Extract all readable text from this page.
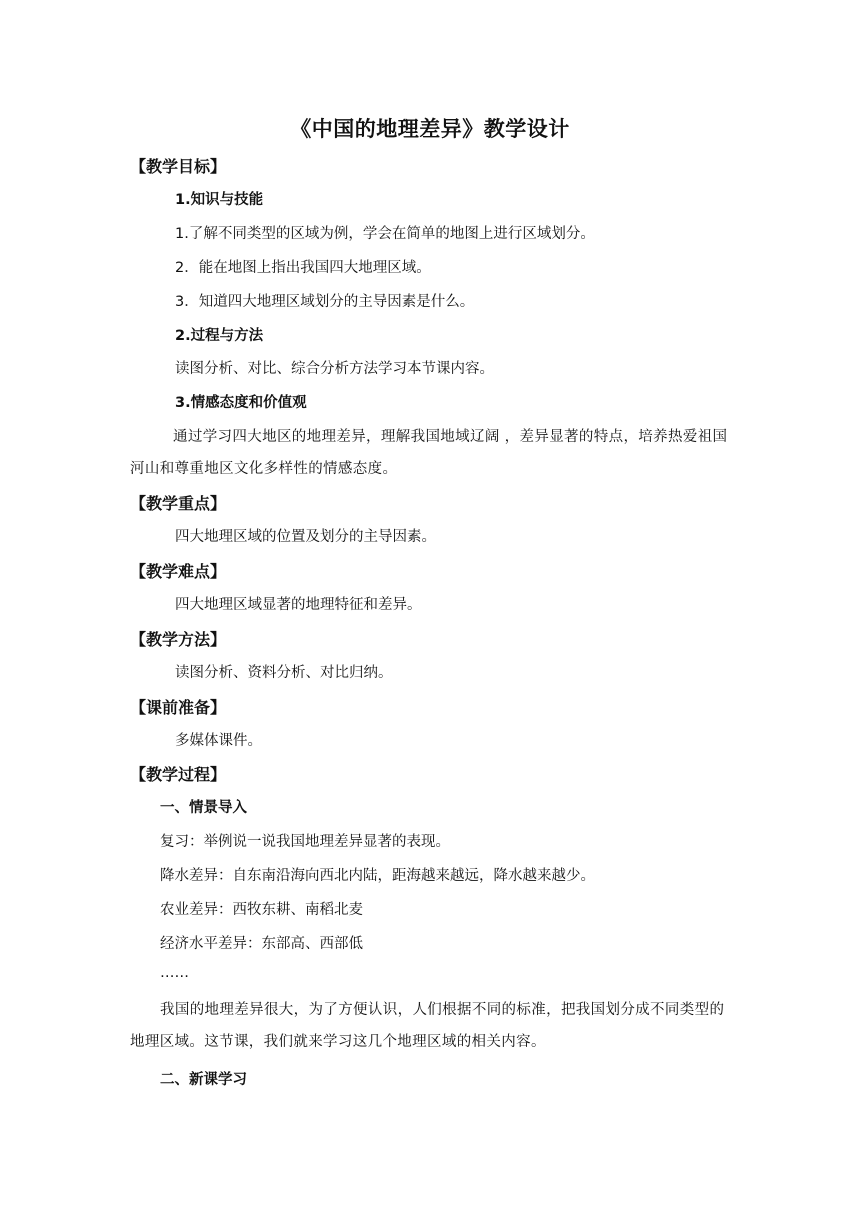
《中国的地理差异》教学设计
【教学目标】
1.知识与技能
1.了解不同类型的区域为例，学会在简单的地图上进行区域划分。
2．能在地图上指出我国四大地理区域。
3．知道四大地理区域划分的主导因素是什么。
2.过程与方法
读图分析、对比、综合分析方法学习本节课内容。
3.情感态度和价值观
通过学习四大地区的地理差异，理解我国地域辽阔 ，差异显著的特点，培养热爱祖国河山和尊重地区文化多样性的情感态度。
【教学重点】
四大地理区域的位置及划分的主导因素。
【教学难点】
四大地理区域显著的地理特征和差异。
【教学方法】
读图分析、资料分析、对比归纳。
【课前准备】
多媒体课件。
【教学过程】
一、情景导入
复习：举例说一说我国地理差异显著的表现。
降水差异：自东南沿海向西北内陆，距海越来越远，降水越来越少。
农业差异：西牧东耕、南稻北麦
经济水平差异：东部高、西部低
……
我国的地理差异很大，为了方便认识，人们根据不同的标准，把我国划分成不同类型的地理区域。这节课，我们就来学习这几个地理区域的相关内容。
二、新课学习
